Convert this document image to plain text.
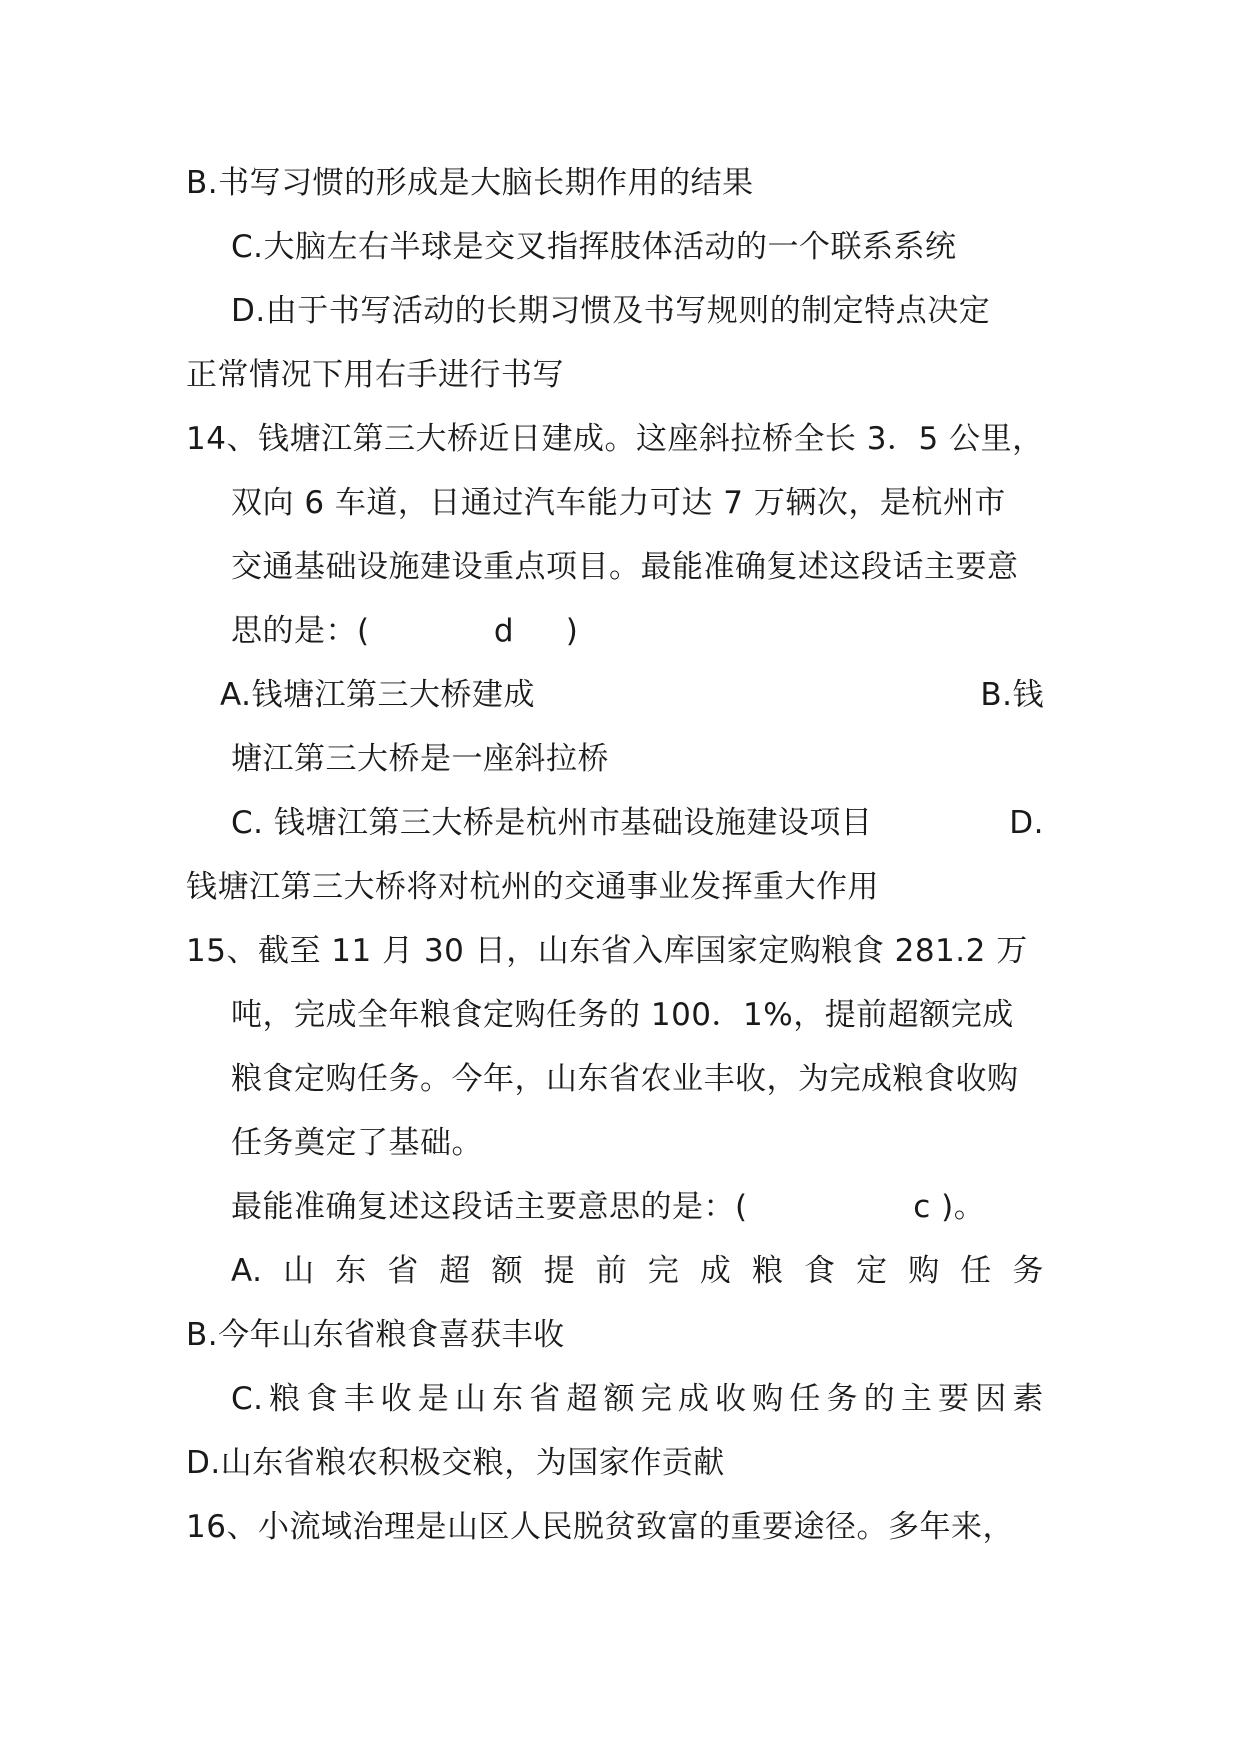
B.书写习惯的形成是大脑长期作用的结果

C.大脑左右半球是交叉指挥肢体活动的一个联系系统

D.由于书写活动的长期习惯及书写规则的制定特点决定

正常情况下用右手进行书写

14、钱塘江第三大桥近日建成。这座斜拉桥全长 3．5 公里，

双向 6 车道，日通过汽车能力可达 7 万辆次，是杭州市

交通基础设施建设重点项目。最能准确复述这段话主要意

思的是：(            d     )

A.钱塘江第三大桥建成	B.钱

塘江第三大桥是一座斜拉桥

C. 钱塘江第三大桥是杭州市基础设施建设项目	D.

钱塘江第三大桥将对杭州的交通事业发挥重大作用

15、截至 11 月 30 日，山东省入库国家定购粮食 281.2 万

吨，完成全年粮食定购任务的 100．1%，提前超额完成

粮食定购任务。今年，山东省农业丰收，为完成粮食收购

任务奠定了基础。

最能准确复述这段话主要意思的是：(                c )。

A. 山 东 省 超 额 提 前 完 成 粮 食 定 购 任 务

B.今年山东省粮食喜获丰收

C. 粮 食 丰 收 是 山 东 省 超 额 完 成 收 购 任 务 的 主 要 因 素

D.山东省粮农积极交粮，为国家作贡献

16、小流域治理是山区人民脱贫致富的重要途径。多年来，
